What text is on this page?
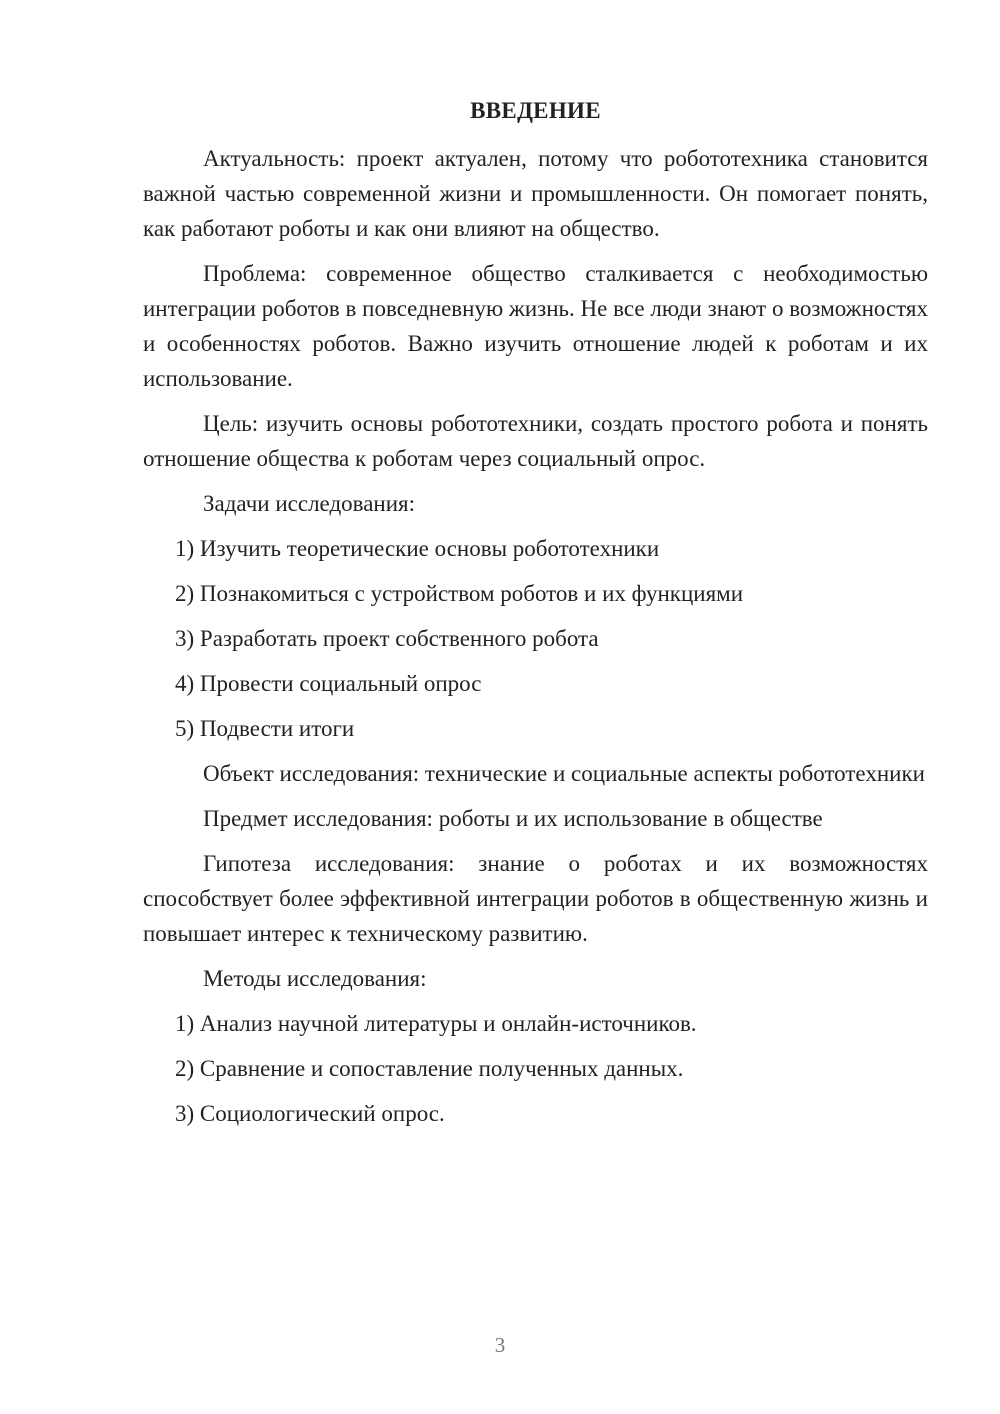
ВВЕДЕНИЕ

Актуальность: проект актуален, потому что робототехника становится важной частью современной жизни и промышленности. Он помогает понять, как работают роботы и как они влияют на общество.

Проблема: современное общество сталкивается с необходимостью интеграции роботов в повседневную жизнь. Не все люди знают о возможностях и особенностях роботов. Важно изучить отношение людей к роботам и их использование.

Цель: изучить основы робототехники, создать простого робота и понять отношение общества к роботам через социальный опрос.

Задачи исследования:

1) Изучить теоретические основы робототехники
2) Познакомиться с устройством роботов и их функциями
3) Разработать проект собственного робота
4) Провести социальный опрос
5) Подвести итоги

Объект исследования: технические и социальные аспекты робототехники

Предмет исследования: роботы и их использование в обществе

Гипотеза исследования: знание о роботах и их возможностях способствует более эффективной интеграции роботов в общественную жизнь и повышает интерес к техническому развитию.

Методы исследования:

1) Анализ научной литературы и онлайн-источников.
2) Сравнение и сопоставление полученных данных.
3) Социологический опрос.
3
